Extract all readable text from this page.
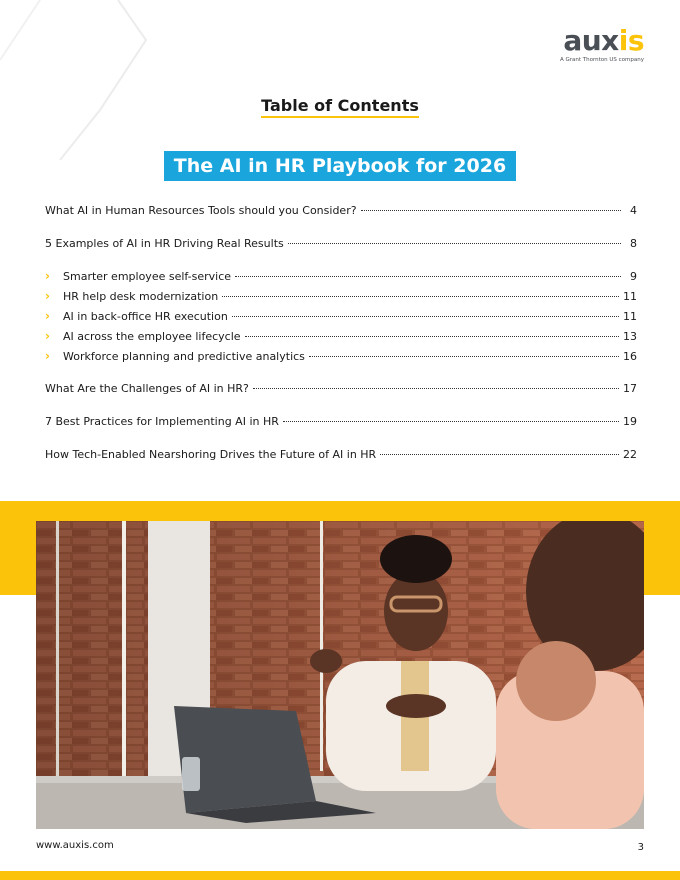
auxis
A Grant Thornton US company
Table of Contents
The AI in HR Playbook for 2026
What AI in Human Resources Tools should you Consider?	4
5 Examples of AI in HR Driving Real Results	8
›	Smarter employee self-service	9
›	HR help desk modernization	11
›	AI in back-office HR execution	11
›	AI across the employee lifecycle	13
›	Workforce planning and predictive analytics	16
What Are the Challenges of AI in HR?	17
7 Best Practices for Implementing AI in HR	19
How Tech-Enabled Nearshoring Drives the Future of AI in HR	22
www.auxis.com	3
